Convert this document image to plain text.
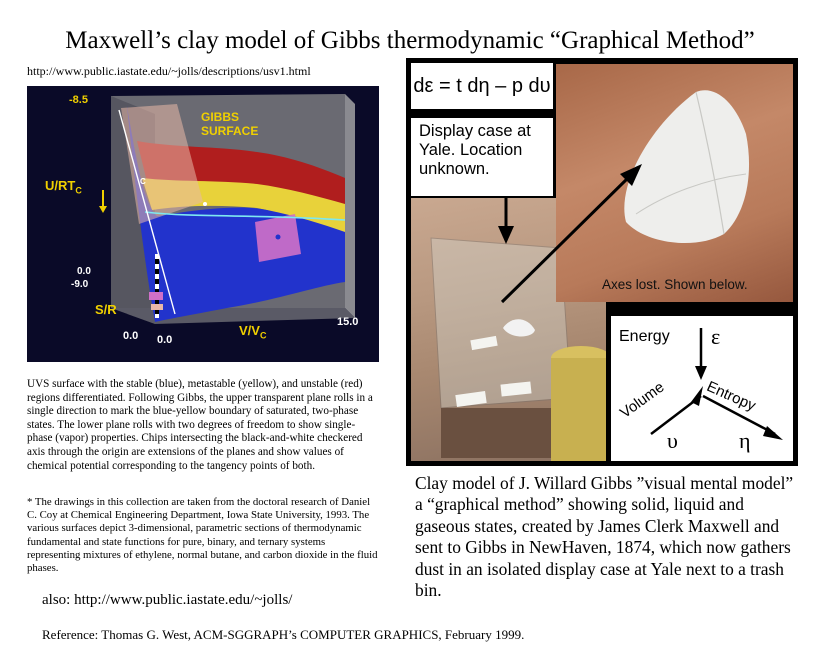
Maxwell’s clay model of Gibbs thermodynamic “Graphical Method”
http://www.public.iastate.edu/~jolls/descriptions/usv1.html
-8.5
GIBBS
SURFACE
C
$U/RT_C$
0.0
-9.0
S/R
$V/V_C$
15.0
0.0 0.0
UVS surface with the stable (blue), metastable (yellow), and unstable (red) regions differentiated. Following Gibbs, the upper transparent plane rolls in a single direction to mark the blue-yellow boundary of saturated, two-phase states. The lower plane rolls with two degrees of freedom to show single-phase (vapor) properties. Chips intersecting the black-and-white checkered axis through the origin are extensions of the planes and show values of chemical potential corresponding to the tangency points of both.
* The drawings in this collection are taken from the doctoral research of Daniel C. Coy at Chemical Engineering Department, Iowa State University, 1993. The various surfaces depict 3-dimensional, parametric sections of thermodynamic fundamental and state functions for pure, binary, and ternary systems representing mixtures of ethylene, normal butane, and carbon dioxide in the fluid phases.
also: http://www.public.iastate.edu/~jolls/
dε = t dη – p dυ
Display case at Yale. Location unknown.
Axes lost. Shown below.
Energy ε
Volume
υ
Entropy
η
Clay model of J. Willard Gibbs ”visual mental model” a “graphical method” showing solid, liquid and gaseous states, created by James Clerk Maxwell and sent to Gibbs in NewHaven, 1874, which now gathers dust in an isolated display case at Yale next to a trash bin.
Reference: Thomas G. West, ACM-SGGRAPH’s COMPUTER GRAPHICS, February 1999.
